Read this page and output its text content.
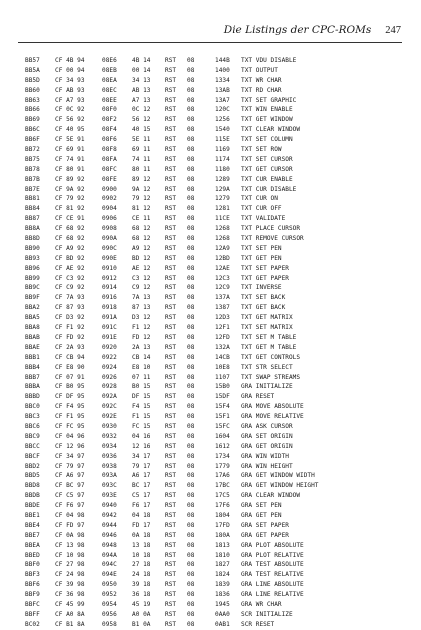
Die Listings der CPC-ROMs 247
BB57 CF 4B 94	08E6 4B 14 RST 08	144B TXT VDU DISABLE
BB5A CF 00 94	08EB 00 14 RST 08	1400 TXT OUTPUT
BB5D CF 34 93	08EA 34 13 RST 08	1334 TXT WR CHAR
BB60 CF AB 93	08EC AB 13 RST 08	13AB TXT RD CHAR
BB63 CF A7 93	08EE A7 13 RST 08	13A7 TXT SET GRAPHIC
BB66 CF 0C 92	08F0 0C 12 RST 08	120C TXT WIN ENABLE
BB69 CF 56 92	08F2 56 12 RST 08	1256 TXT GET WINDOW
BB6C CF 40 95	08F4 40 15 RST 08	1540 TXT CLEAR WINDOW
BB6F CF 5E 91	08F6 5E 11 RST 08	115E TXT SET COLUMN
BB72 CF 69 91	08F8 69 11 RST 08	1169 TXT SET ROW
BB75 CF 74 91	08FA 74 11 RST 08	1174 TXT SET CURSOR
BB78 CF 80 91	08FC 80 11 RST 08	1180 TXT GET CURSOR
BB7B CF 89 92	08FE 89 12 RST 08	1289 TXT CUR ENABLE
BB7E CF 9A 92	0900 9A 12 RST 08	129A TXT CUR DISABLE
BB81 CF 79 92	0902 79 12 RST 08	1279 TXT CUR ON
BB84 CF 81 92	0904 81 12 RST 08	1281 TXT CUR OFF
BB87 CF CE 91	0906 CE 11 RST 08	11CE TXT VALIDATE
BB8A CF 68 92	0908 68 12 RST 08	1268 TXT PLACE CURSOR
BB8D CF 68 92	090A 68 12 RST 08	1268 TXT REMOVE CURSOR
BB90 CF A9 92	090C A9 12 RST 08	12A9 TXT SET PEN
BB93 CF BD 92	090E BD 12 RST 08	12BD TXT GET PEN
BB96 CF AE 92	0910 AE 12 RST 08	12AE TXT SET PAPER
BB99 CF C3 92	0912 C3 12 RST 08	12C3 TXT GET PAPER
BB9C CF C9 92	0914 C9 12 RST 08	12C9 TXT INVERSE
BB9F CF 7A 93	0916 7A 13 RST 08	137A TXT SET BACK
BBA2 CF 87 93	0918 87 13 RST 08	1387 TXT GET BACK
BBA5 CF D3 92	091A D3 12 RST 08	12D3 TXT GET MATRIX
BBA8 CF F1 92	091C F1 12 RST 08	12F1 TXT SET MATRIX
BBAB CF FD 92	091E FD 12 RST 08	12FD TXT SET M TABLE
BBAE CF 2A 93	0920 2A 13 RST 08	132A TXT GET M TABLE
BBB1 CF CB 94	0922 CB 14 RST 08	14CB TXT GET CONTROLS
BBB4 CF E8 90	0924 E8 10 RST 08	10E8 TXT STR SELECT
BBB7 CF 07 91	0926 07 11 RST 08	1107 TXT SWAP STREAMS
BBBA CF B0 95	0928 B0 15 RST 08	15B0 GRA INITIALIZE
BBBD CF DF 95	092A DF 15 RST 08	15DF GRA RESET
BBC0 CF F4 95	092C F4 15 RST 08	15F4 GRA MOVE ABSOLUTE
BBC3 CF F1 95	092E F1 15 RST 08	15F1 GRA MOVE RELATIVE
BBC6 CF FC 95	0930 FC 15 RST 08	15FC GRA ASK CURSOR
BBC9 CF 04 96	0932 04 16 RST 08	1604 GRA SET ORIGIN
BBCC CF 12 96	0934 12 16 RST 08	1612 GRA GET ORIGIN
BBCF CF 34 97	0936 34 17 RST 08	1734 GRA WIN WIDTH
BBD2 CF 79 97	0938 79 17 RST 08	1779 GRA WIN HEIGHT
BBD5 CF A6 97	093A A6 17 RST 08	17A6 GRA GET WINDOW WIDTH
BBD8 CF BC 97	093C BC 17 RST 08	17BC GRA GET WINDOW HEIGHT
BBDB CF C5 97	093E C5 17 RST 08	17C5 GRA CLEAR WINDOW
BBDE CF F6 97	0940 F6 17 RST 08	17F6 GRA SET PEN
BBE1 CF 04 98	0942 04 18 RST 08	1804 GRA GET PEN
BBE4 CF FD 97	0944 FD 17 RST 08	17FD GRA SET PAPER
BBE7 CF 0A 98	0946 0A 18 RST 08	180A GRA GET PAPER
BBEA CF 13 98	0948 13 18 RST 08	1813 GRA PLOT ABSOLUTE
BBED CF 10 98	094A 10 18 RST 08	1810 GRA PLOT RELATIVE
BBF0 CF 27 98	094C 27 18 RST 08	1827 GRA TEST ABSOLUTE
BBF3 CF 24 98	094E 24 18 RST 08	1824 GRA TEST RELATIVE
BBF6 CF 39 98	0950 39 18 RST 08	1839 GRA LINE ABSOLUTE
BBF9 CF 36 98	0952 36 18 RST 08	1836 GRA LINE RELATIVE
BBFC CF 45 99	0954 45 19 RST 08	1945 GRA WR CHAR
BBFF CF A0 8A	0956 A0 0A RST 08	0AA0 SCR INITIALIZE
BC02 CF B1 8A	0958 B1 0A RST 08	0AB1 SCR RESET
